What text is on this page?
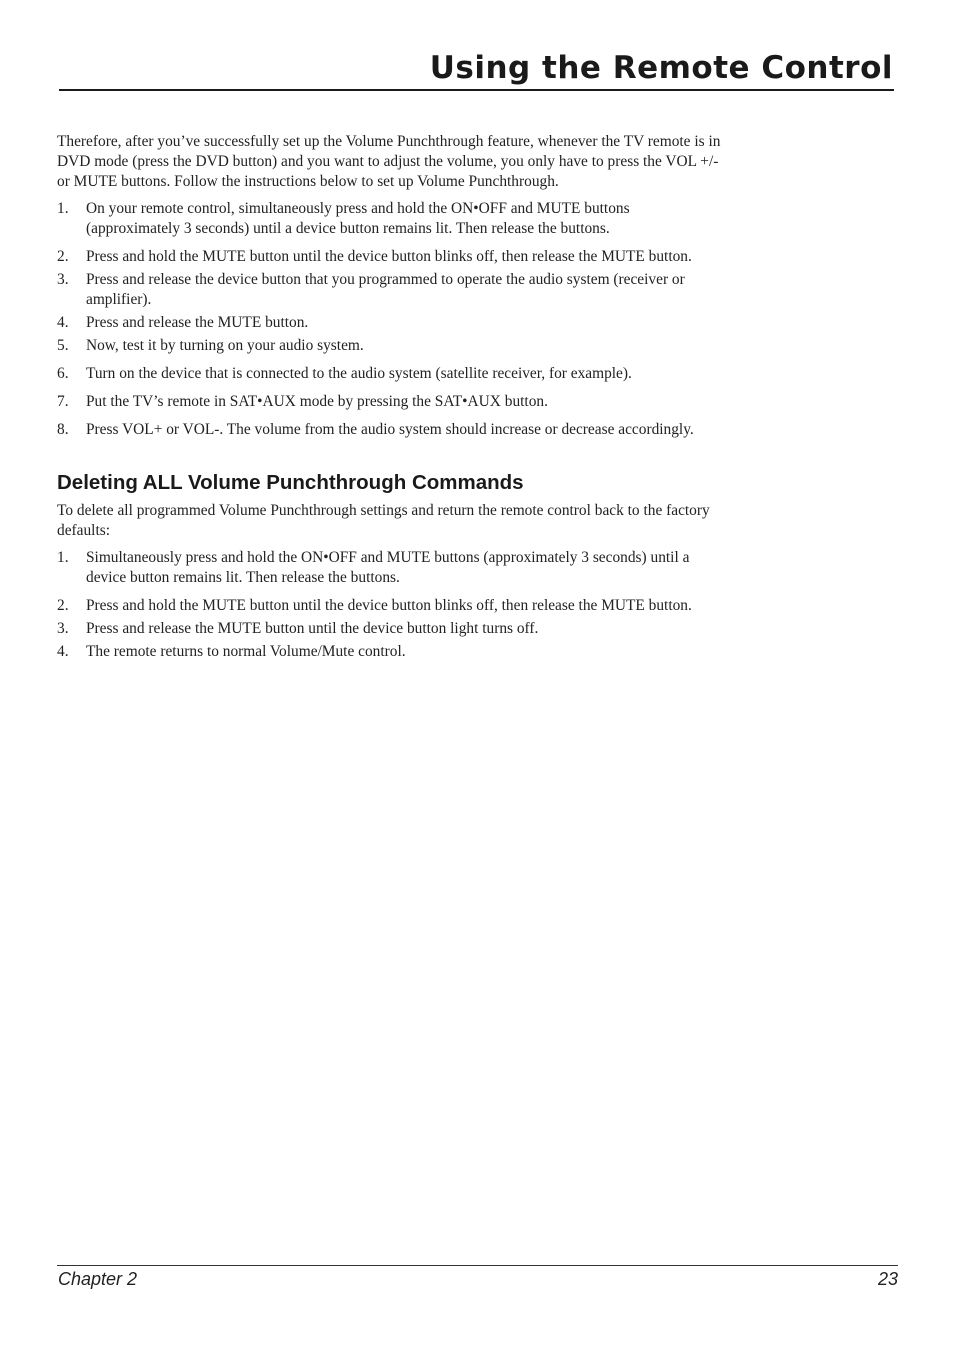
Using the Remote Control

Therefore, after you’ve successfully set up the Volume Punchthrough feature, whenever the TV remote is in DVD mode (press the DVD button) and you want to adjust the volume, you only have to press the VOL +/- or MUTE buttons. Follow the instructions below to set up Volume Punchthrough.

1. On your remote control, simultaneously press and hold the ON•OFF and MUTE buttons (approximately 3 seconds) until a device button remains lit. Then release the buttons.
2. Press and hold the MUTE button until the device button blinks off, then release the MUTE button.
3. Press and release the device button that you programmed to operate the audio system (receiver or amplifier).
4. Press and release the MUTE button.
5. Now, test it by turning on your audio system.
6. Turn on the device that is connected to the audio system (satellite receiver, for example).
7. Put the TV’s remote in SAT•AUX mode by pressing the SAT•AUX button.
8. Press VOL+ or VOL-. The volume from the audio system should increase or decrease accordingly.
Deleting ALL Volume Punchthrough Commands

To delete all programmed Volume Punchthrough settings and return the remote control back to the factory defaults:

1. Simultaneously press and hold the ON•OFF and MUTE buttons (approximately 3 seconds) until a device button remains lit. Then release the buttons.
2. Press and hold the MUTE button until the device button blinks off, then release the MUTE button.
3. Press and release the MUTE button until the device button light turns off.
4. The remote returns to normal Volume/Mute control.
Chapter 2	23
